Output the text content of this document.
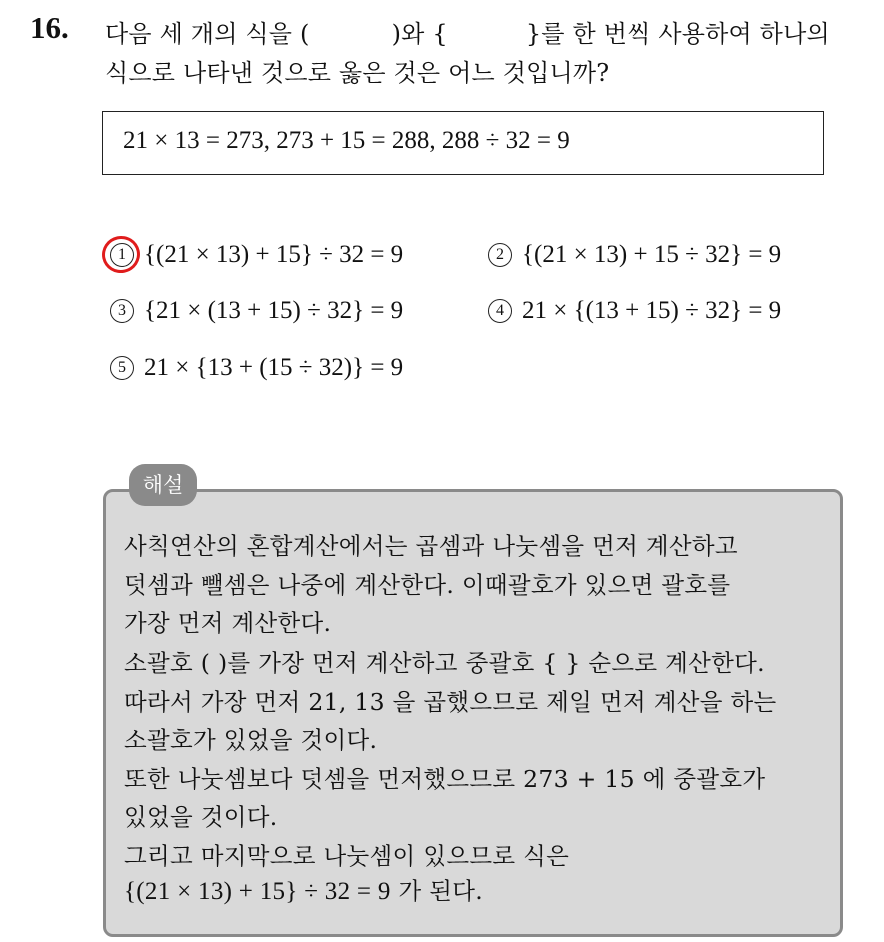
16. 다음 세 개의 식을 (	)와 {	}를 한 번씩 사용하여 하나의
식으로 나타낸 것으로 옳은 것은 어느 것입니까?
21 × 13 = 273, 273 + 15 = 288, 288 ÷ 32 = 9
1 {(21 × 13) + 15} ÷ 32 = 9	2 {(21 × 13) + 15 ÷ 32} = 9
3 {21 × (13 + 15) ÷ 32} = 9	4 21 × {(13 + 15) ÷ 32} = 9
5 21 × {13 + (15 ÷ 32)} = 9
해설
사칙연산의 혼합계산에서는 곱셈과 나눗셈을 먼저 계산하고
덧셈과 뺄셈은 나중에 계산한다. 이때괄호가 있으면 괄호를
가장 먼저 계산한다.
소괄호 ( )를 가장 먼저 계산하고 중괄호 { } 순으로 계산한다.
따라서 가장 먼저 21, 13 을 곱했으므로 제일 먼저 계산을 하는
소괄호가 있었을 것이다.
또한 나눗셈보다 덧셈을 먼저했으므로 273 + 15 에 중괄호가
있었을 것이다.
그리고 마지막으로 나눗셈이 있으므로 식은
{(21 × 13) + 15} ÷ 32 = 9 가 된다.
